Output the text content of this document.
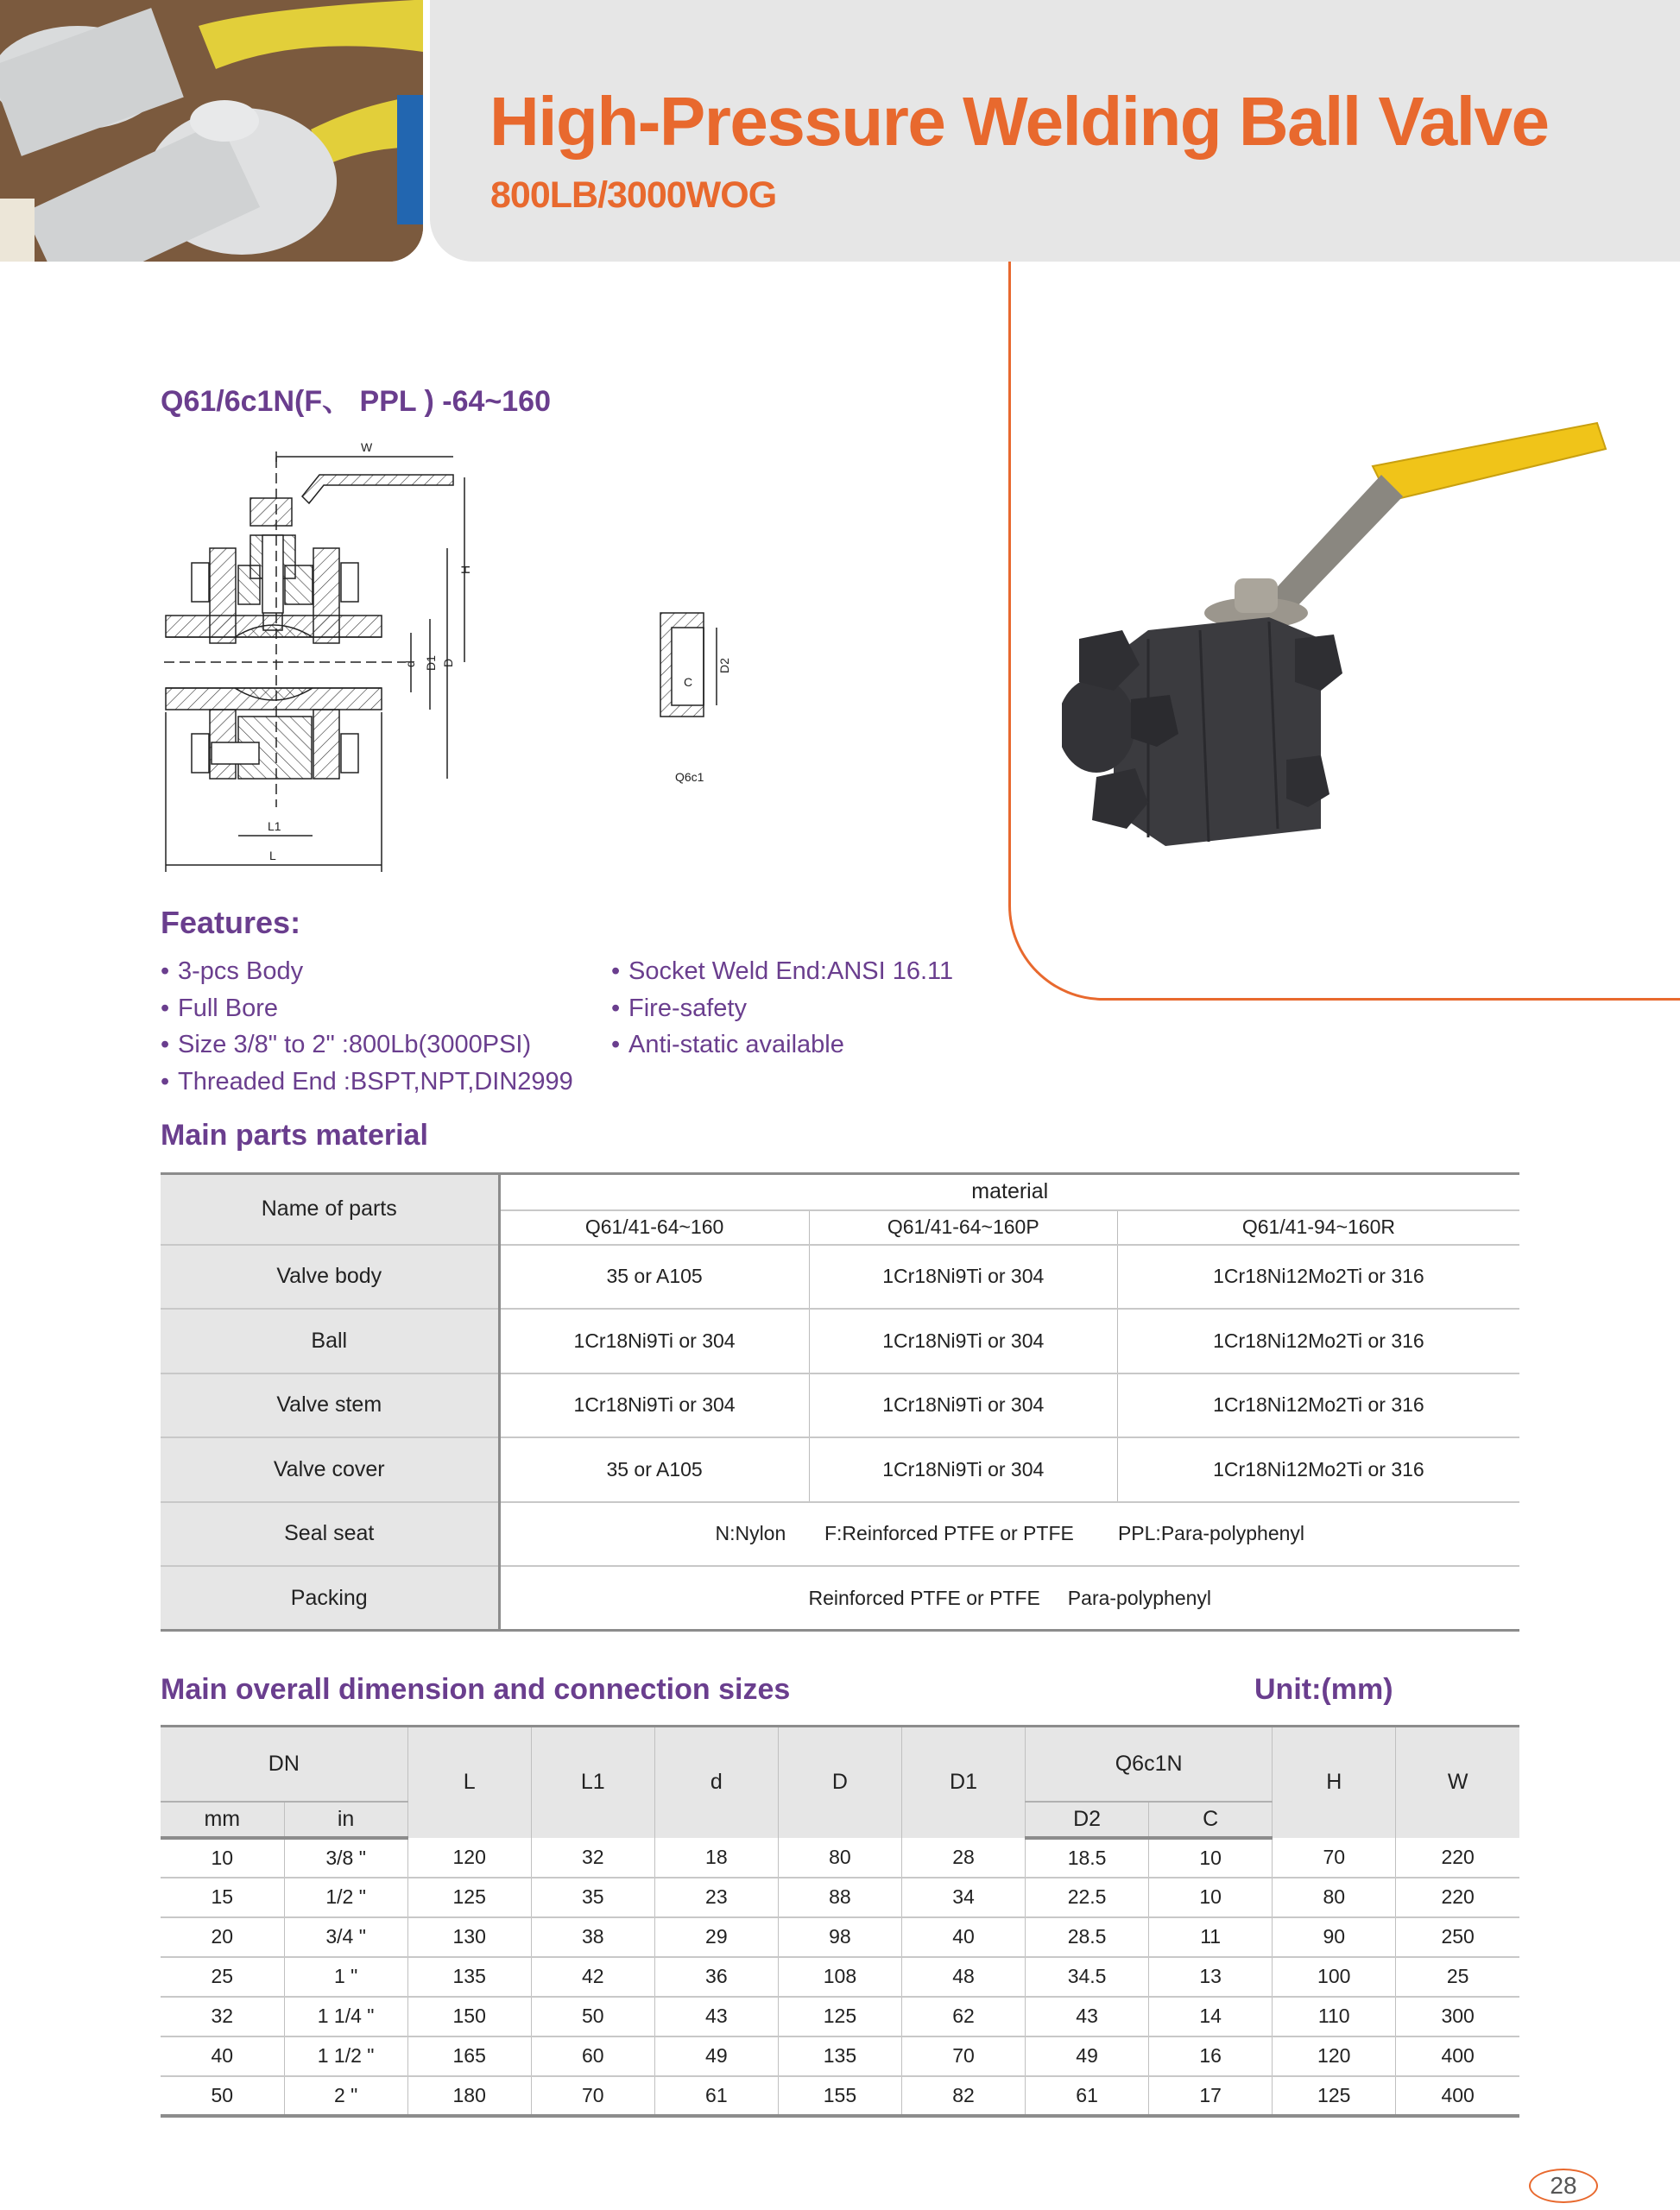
High-Pressure Welding Ball Valve
800LB/3000WOG
Q61/6c1N(F、 PPL ) -64~160
W
H
d D1 D
L1
L
C
D2
Q6c1
Features:
• 3-pcs Body	• Socket Weld End:ANSI 16.11
• Full Bore	• Fire-safety
• Size 3/8" to 2" :800Lb(3000PSI)	• Anti-static available
• Threaded End :BSPT,NPT,DIN2999
Main parts material
Name of parts	material		
	Q61/41-64~160	Q61/41-64~160P	Q61/41-94~160R
Valve body	35 or A105	1Cr18Ni9Ti or 304	1Cr18Ni12Mo2Ti or 316
Ball	1Cr18Ni9Ti or 304	1Cr18Ni9Ti or 304	1Cr18Ni12Mo2Ti or 316
Valve stem	1Cr18Ni9Ti or 304	1Cr18Ni9Ti or 304	1Cr18Ni12Mo2Ti or 316
Valve cover	35 or A105	1Cr18Ni9Ti or 304	1Cr18Ni12Mo2Ti or 316
Seal seat	N:Nylon       F:Reinforced PTFE or PTFE        PPL:Para-polyphenyl		
Packing	Reinforced PTFE or PTFE     Para-polyphenyl		
Main overall dimension and connection sizes	Unit:(mm)
DN		L	L1	d	D	D1	Q6c1N		H	W
mm	in						D2	C		
10	3/8 "	120	32	18	80	28	18.5	10	70	220
15	1/2 "	125	35	23	88	34	22.5	10	80	220
20	3/4 "	130	38	29	98	40	28.5	11	90	250
25	1 "	135	42	36	108	48	34.5	13	100	25
32	1 1/4 "	150	50	43	125	62	43	14	110	300
40	1 1/2 "	165	60	49	135	70	49	16	120	400
50	2 "	180	70	61	155	82	61	17	125	400
28
